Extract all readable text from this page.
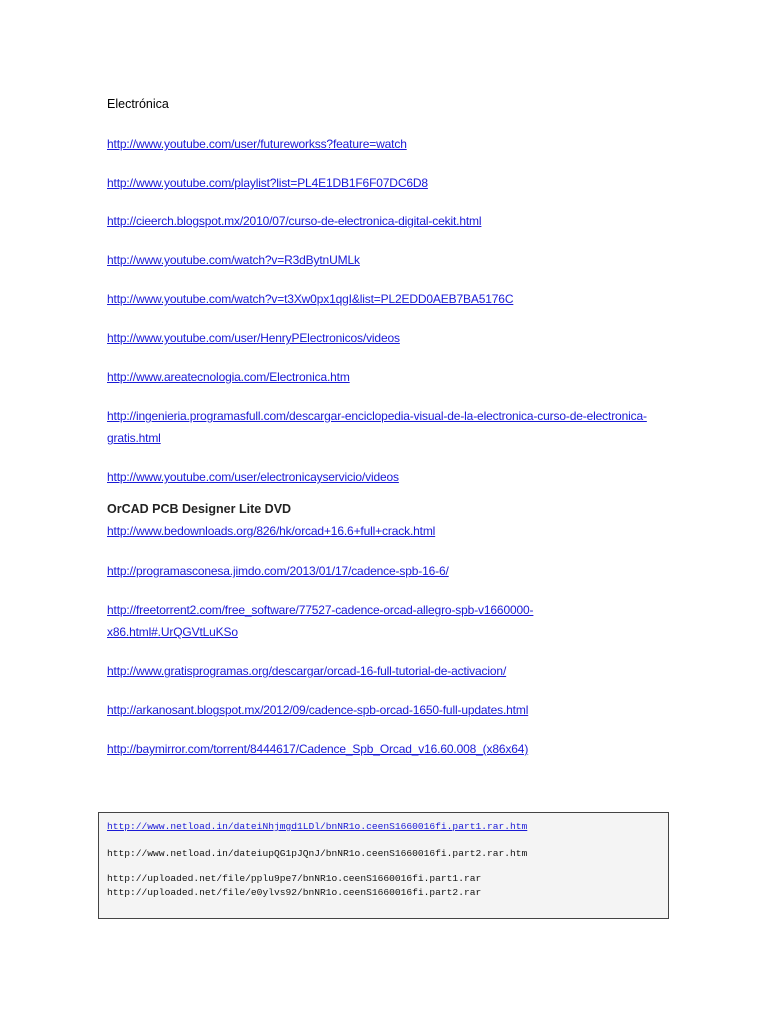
Electrónica
http://www.youtube.com/user/futureworkss?feature=watch
http://www.youtube.com/playlist?list=PL4E1DB1F6F07DC6D8
http://cieerch.blogspot.mx/2010/07/curso-de-electronica-digital-cekit.html
http://www.youtube.com/watch?v=R3dBytnUMLk
http://www.youtube.com/watch?v=t3Xw0px1qgI&list=PL2EDD0AEB7BA5176C
http://www.youtube.com/user/HenryPElectronicos/videos
http://www.areatecnologia.com/Electronica.htm
http://ingenieria.programasfull.com/descargar-enciclopedia-visual-de-la-electronica-curso-de-electronica-gratis.html
http://www.youtube.com/user/electronicayservicio/videos
OrCAD PCB Designer Lite DVD
http://www.bedownloads.org/826/hk/orcad+16.6+full+crack.html
http://programasconesa.jimdo.com/2013/01/17/cadence-spb-16-6/
http://freetorrent2.com/free_software/77527-cadence-orcad-allegro-spb-v1660000-x86.html#.UrQGVtLuKSo
http://www.gratisprogramas.org/descargar/orcad-16-full-tutorial-de-activacion/
http://arkanosant.blogspot.mx/2012/09/cadence-spb-orcad-1650-full-updates.html
http://baymirror.com/torrent/8444617/Cadence_Spb_Orcad_v16.60.008_(x86x64)
http://www.netload.in/dateiNhjmgd1LDl/bnNR1o.ceenS1660016fi.part1.rar.htm
http://www.netload.in/dateiupQG1pJQnJ/bnNR1o.ceenS1660016fi.part2.rar.htm
http://uploaded.net/file/pplu9pe7/bnNR1o.ceenS1660016fi.part1.rar
http://uploaded.net/file/e0ylvs92/bnNR1o.ceenS1660016fi.part2.rar
